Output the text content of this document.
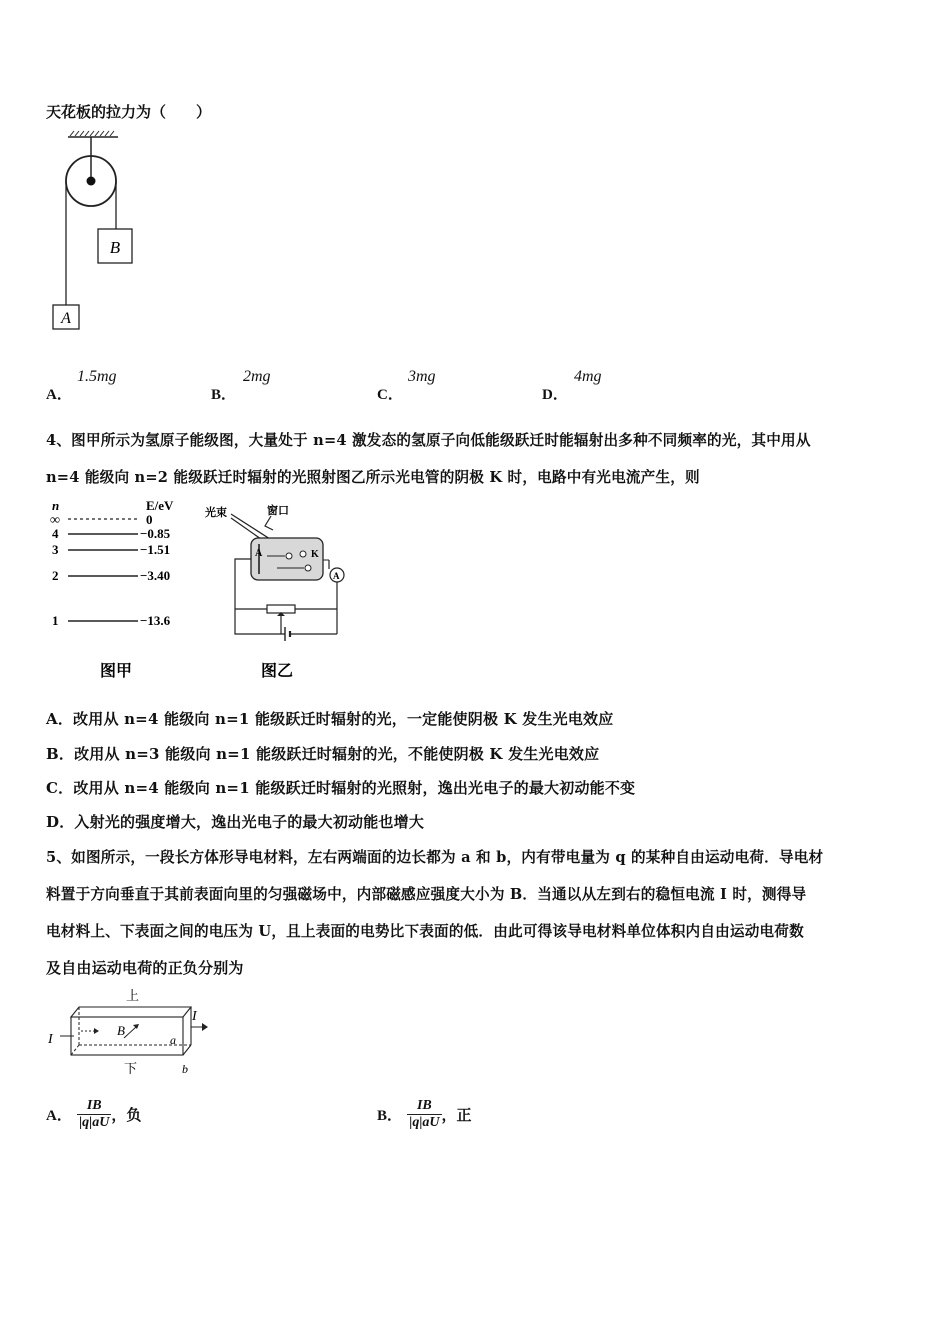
天花板的拉力为（　　）
B
A
A．
1.5mg
B．
2mg
C．
3mg
D．
4mg
4、图甲所示为氢原子能级图，大量处于 n=4 激发态的氢原子向低能级跃迁时能辐射出多种不同频率的光，其中用从
n=4 能级向 n=2 能级跃迁时辐射的光照射图乙所示光电管的阴极 K 时，电路中有光电流产生，则
n	E/eV
∞	0
4	−0.85
3	−1.51
2	−3.40
1	−13.6
图甲
光束	窗口
A	K
A
图乙
A．改用从 n=4 能级向 n=1 能级跃迁时辐射的光，一定能使阴极 K 发生光电效应
B．改用从 n=3 能级向 n=1 能级跃迁时辐射的光，不能使阴极 K 发生光电效应
C．改用从 n=4 能级向 n=1 能级跃迁时辐射的光照射，逸出光电子的最大初动能不变
D．入射光的强度增大，逸出光电子的最大初动能也增大
5、如图所示，一段长方体形导电材料，左右两端面的边长都为 a 和 b，内有带电量为 q 的某种自由运动电荷．导电材
料置于方向垂直于其前表面向里的匀强磁场中，内部磁感应强度大小为 B．当通以从左到右的稳恒电流 I 时，测得导
电材料上、下表面之间的电压为 U，且上表面的电势比下表面的低．由此可得该导电材料单位体积内自由运动电荷数
及自由运动电荷的正负分别为
上
I
B
I
a
b
下
A． $\frac{IB}{|q|aU}$ ，负	B． $\frac{IB}{|q|aU}$ ，正
